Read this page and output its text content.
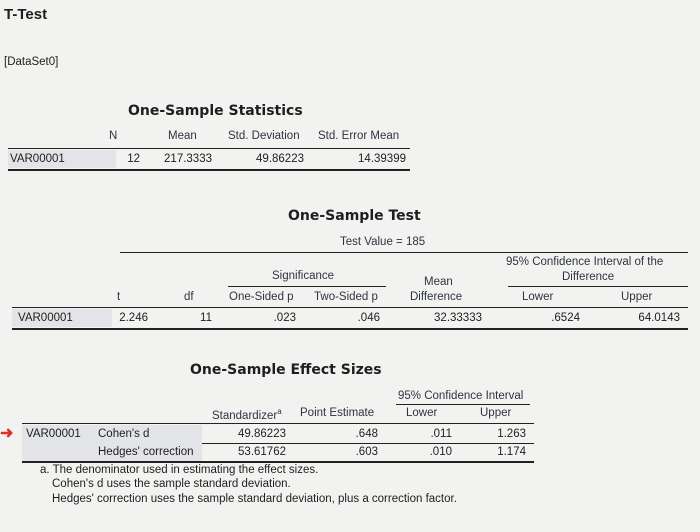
T-Test
[DataSet0]
One-Sample Statistics
N	Mean	Std. Deviation Std. Error Mean
VAR00001	12	217.3333	49.86223	14.39399
One-Sample Test
Test Value = 185
95% Confidence Interval of the
Difference
Significance	Mean
t	df	One-Sided p Two-Sided p	Difference	Lower	Upper
VAR00001	2.246	11	.023	.046	32.33333	.6524	64.0143
One-Sample Effect Sizes
95% Confidence Interval
Standardizer$^a$ Point Estimate	Lower	Upper
➜ VAR00001 Cohen's d	49.86223	.648	.011	1.263
Hedges' correction	53.61762	.603	.010	1.174
a. The denominator used in estimating the effect sizes.
Cohen's d uses the sample standard deviation.
Hedges' correction uses the sample standard deviation, plus a correction factor.
